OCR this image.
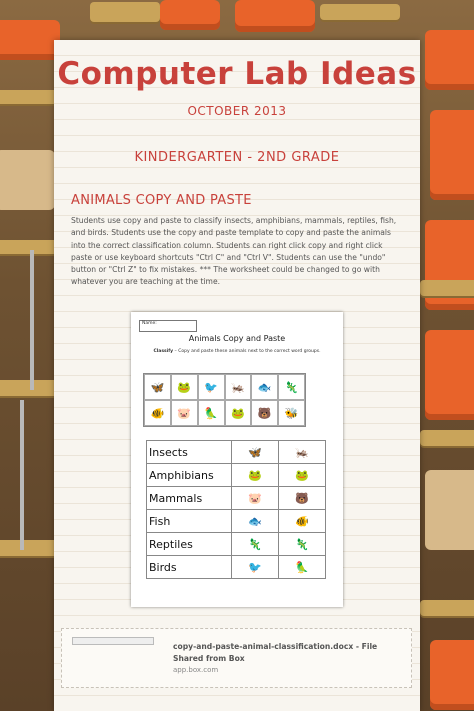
Computer Lab Ideas
OCTOBER 2013
KINDERGARTEN - 2ND GRADE
ANIMALS COPY AND PASTE
Students use copy and paste to classify insects, amphibians, mammals, reptiles, fish, and birds. Students use the copy and paste template to copy and paste the animals into the correct classification column. Students can right click copy and right click paste or use keyboard shortcuts "Ctrl C" and "Ctrl V". Students can use the "undo" button or "Ctrl Z" to fix mistakes. *** The worksheet could be changed to go with whatever you are teaching at the time.
Name:
Animals Copy and Paste
Classify – Copy and paste these animals next to the correct word groups.
🦋	🐸	🐦	🦗	🐟	🦎
🐠	🐷	🦜	🐸	🐻	🐝
Insects	🦋	🦗
Amphibians	🐸	🐸
Mammals	🐷	🐻
Fish	🐟	🐠
Reptiles	🦎	🦎
Birds	🐦	🦜
copy-and-paste-animal-classification.docx - File Shared from Box
app.box.com
